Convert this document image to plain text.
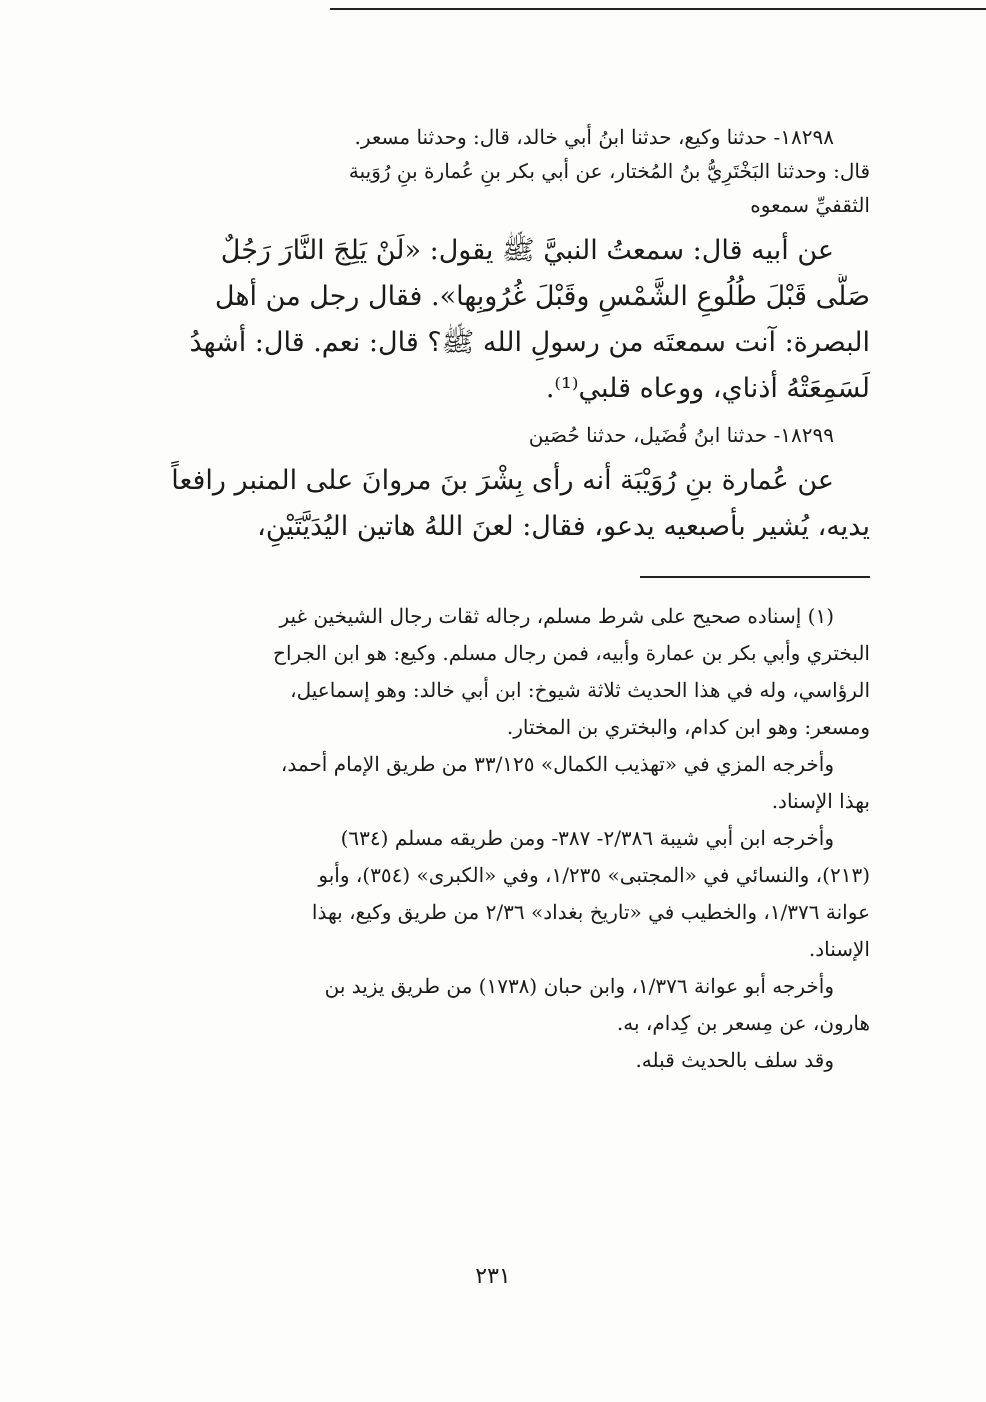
١٨٢٩٨- حدثنا وكيع، حدثنا ابنُ أبي خالد، قال: وحدثنا مسعر.
قال: وحدثنا البَخْتَرِيُّ بنُ المُختار، عن أبي بكر بنِ عُمارة بنِ رُوَيبة
الثقفيِّ سمعوه
عن أبيه قال: سمعتُ النبيَّ ﷺ يقول: «لَنْ يَلِجَ النَّارَ رَجُلٌ
صَلَّى قَبْلَ طُلُوعِ الشَّمْسِ وقَبْلَ غُرُوبِها». فقال رجل من أهل
البصرة: آنت سمعتَه من رسولِ الله ﷺ؟ قال: نعم. قال: أشهدُ
لَسَمِعَتْهُ أذناي، ووعاه قلبي⁽¹⁾.
١٨٢٩٩- حدثنا ابنُ فُضَيل، حدثنا حُصَين
عن عُمارة بنِ رُوَيْبَة أنه رأى بِشْرَ بنَ مروانَ على المنبر رافعاً
يديه، يُشير بأصبعيه يدعو، فقال: لعنَ اللهُ هاتين اليُدَيَّتَيْنِ،
(١) إسناده صحيح على شرط مسلم، رجاله ثقات رجال الشيخين غير
البختري وأبي بكر بن عمارة وأبيه، فمن رجال مسلم. وكيع: هو ابن الجراح
الرؤاسي، وله في هذا الحديث ثلاثة شيوخ: ابن أبي خالد: وهو إسماعيل،
ومسعر: وهو ابن كدام، والبختري بن المختار.
وأخرجه المزي في «تهذيب الكمال» ٣٣/١٢٥ من طريق الإمام أحمد،
بهذا الإسناد.
وأخرجه ابن أبي شيبة ٢/٣٨٦- ٣٨٧- ومن طريقه مسلم (٦٣٤)
(٢١٣)، والنسائي في «المجتبى» ١/٢٣٥، وفي «الكبرى» (٣٥٤)، وأبو
عوانة ١/٣٧٦، والخطيب في «تاريخ بغداد» ٢/٣٦ من طريق وكيع، بهذا
الإسناد.
وأخرجه أبو عوانة ١/٣٧٦، وابن حبان (١٧٣٨) من طريق يزيد بن
هارون، عن مِسعر بن كِدام، به.
وقد سلف بالحديث قبله.
٢٣١
